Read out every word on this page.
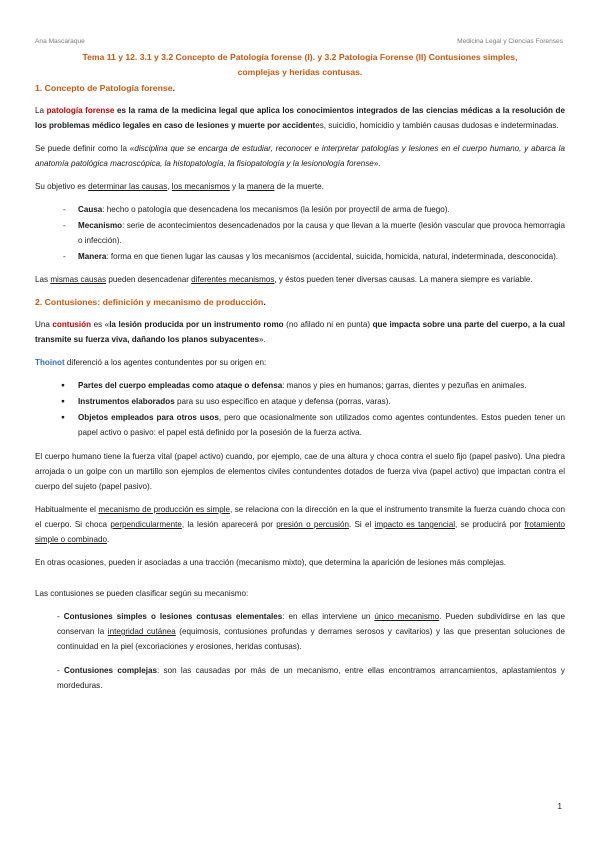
Ana Mascaraque	Medicina Legal y Ciencias Forenses
Tema 11 y 12. 3.1 y 3.2 Concepto de Patología forense (I). y 3.2 Patología Forense (II) Contusiones simples,
complejas y heridas contusas.
1. Concepto de Patología forense.

La patología forense es la rama de la medicina legal que aplica los conocimientos integrados de las ciencias médicas a la resolución de los problemas médico legales en caso de lesiones y muerte por accidentes, suicidio, homicidio y también causas dudosas e indeterminadas.

Se puede definir como la «disciplina que se encarga de estudiar, reconocer e interpretar patologías y lesiones en el cuerpo humano, y abarca la anatomía patológica macroscópica, la histopatología, la fisiopatología y la lesionología forense».

Su objetivo es determinar las causas, los mecanismos y la manera de la muerte.

- Causa: hecho o patología que desencadena los mecanismos (la lesión por proyectil de arma de fuego).
- Mecanismo: serie de acontecimientos desencadenados por la causa y que llevan a la muerte (lesión vascular que provoca hemorragia o infección).
- Manera: forma en que tienen lugar las causas y los mecanismos (accidental, suicida, homicida, natural, indeterminada, desconocida).

Las mismas causas pueden desencadenar diferentes mecanismos, y éstos pueden tener diversas causas. La manera siempre es variable.

2. Contusiones: definición y mecanismo de producción.

Una contusión es «la lesión producida por un instrumento romo (no afilado ni en punta) que impacta sobre una parte del cuerpo, a la cual transmite su fuerza viva, dañando los planos subyacentes».

Thoinot diferenció a los agentes contundentes por su origen en:

● Partes del cuerpo empleadas como ataque o defensa: manos y pies en humanos; garras, dientes y pezuñas en animales.
● Instrumentos elaborados para su uso específico en ataque y defensa (porras, varas).
● Objetos empleados para otros usos, pero que ocasionalmente son utilizados como agentes contundentes. Estos pueden tener un papel activo o pasivo: el papel está definido por la posesión de la fuerza activa.

El cuerpo humano tiene la fuerza vital (papel activo) cuando, por ejemplo, cae de una altura y choca contra el suelo fijo (papel pasivo). Una piedra arrojada o un golpe con un martillo son ejemplos de elementos civiles contundentes dotados de fuerza viva (papel activo) que impactan contra el cuerpo del sujeto (papel pasivo).

Habitualmente el mecanismo de producción es simple, se relaciona con la dirección en la que el instrumento transmite la fuerza cuando choca con el cuerpo. Si choca perpendicularmente, la lesión aparecerá por presión o percusión. Si el impacto es tangencial, se producirá por frotamiento simple o combinado.

En otras ocasiones, pueden ir asociadas a una tracción (mecanismo mixto), que determina la aparición de lesiones más complejas.

Las contusiones se pueden clasificar según su mecanismo:

- Contusiones simples o lesiones contusas elementales: en ellas interviene un único mecanismo. Pueden subdividirse en las que conservan la integridad cutánea (equimosis, contusiones profundas y derrames serosos y cavitarios) y las que presentan soluciones de continuidad en la piel (excoriaciones y erosiones, heridas contusas).

- Contusiones complejas: son las causadas por más de un mecanismo, entre ellas encontramos arrancamientos, aplastamientos y mordeduras.

1
